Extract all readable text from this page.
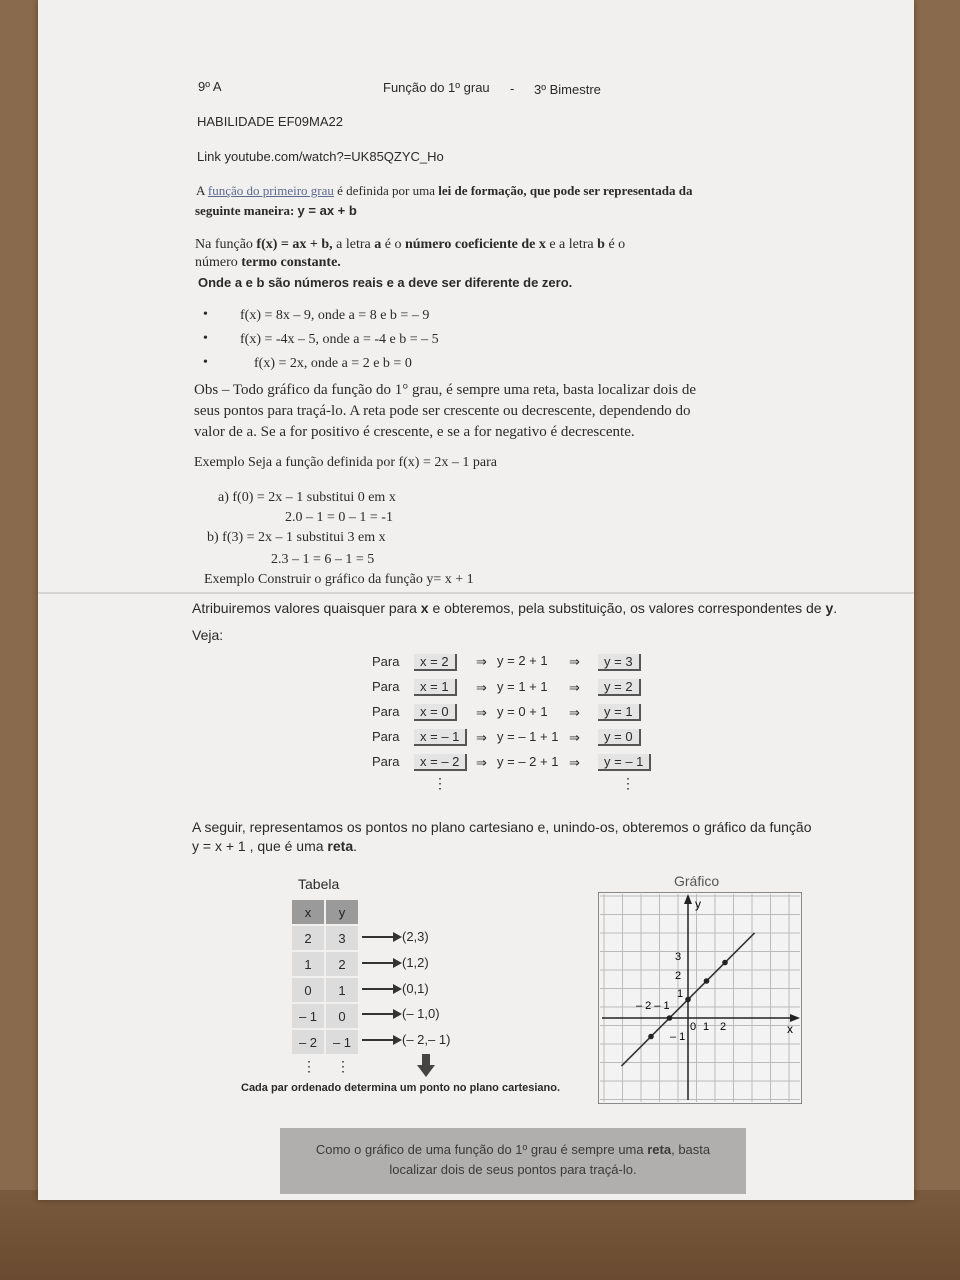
9º A	Função do 1º grau - 3º Bimestre
HABILIDADE EF09MA22
Link youtube.com/watch?=UK85QZYC_Ho
A função do primeiro grau é definida por uma lei de formação, que pode ser representada da
seguinte maneira: y = ax + b
Na função f(x) = ax + b, a letra a é o número coeficiente de x e a letra b é o
número termo constante.
Onde a e b são números reais e a deve ser diferente de zero.
• f(x) = 8x – 9, onde a = 8 e b = – 9
• f(x) = -4x – 5, onde a = -4 e b = – 5
•	f(x) = 2x, onde a = 2 e b = 0
Obs – Todo gráfico da função do 1° grau, é sempre uma reta, basta localizar dois de
seus pontos para traçá-lo. A reta pode ser crescente ou decrescente, dependendo do
valor de a. Se a for positivo é crescente, e se a for negativo é decrescente.
Exemplo Seja a função definida por f(x) = 2x – 1 para
a) f(0) = 2x – 1 substitui 0 em x
2.0 – 1 = 0 – 1 = -1
b) f(3) = 2x – 1 substitui 3 em x
2.3 – 1 = 6 – 1 = 5
Exemplo Construir o gráfico da função y= x + 1
Atribuiremos valores quaisquer para x e obteremos, pela substituição, os valores correspondentes de y.
Veja:
Para	x = 2	⇒ y = 2 + 1 ⇒	y = 3
Para	x = 1	⇒ y = 1 + 1 ⇒	y = 2
Para	x = 0	⇒ y = 0 + 1 ⇒	y = 1
Para	x = – 1	⇒ y = – 1 + 1 ⇒	y = 0
Para	x = – 2	⇒ y = – 2 + 1 ⇒	y = – 1
⋮	⋮
A seguir, representamos os pontos no plano cartesiano e, unindo-os, obteremos o gráfico da função
y = x + 1 , que é uma reta.
Tabela
x	y
2	3
1	2
0	1
– 1	0
– 2	– 1
⋮ ⋮
(2,3)
(1,2)
(0,1)
(– 1,0)
(– 2,– 1)
Cada par ordenado determina um ponto no plano cartesiano.
Gráfico
y
x
3
2
1
– 2 – 1
0 1 2
– 1
Como o gráfico de uma função do 1º grau é sempre uma reta, basta
localizar dois de seus pontos para traçá-lo.
